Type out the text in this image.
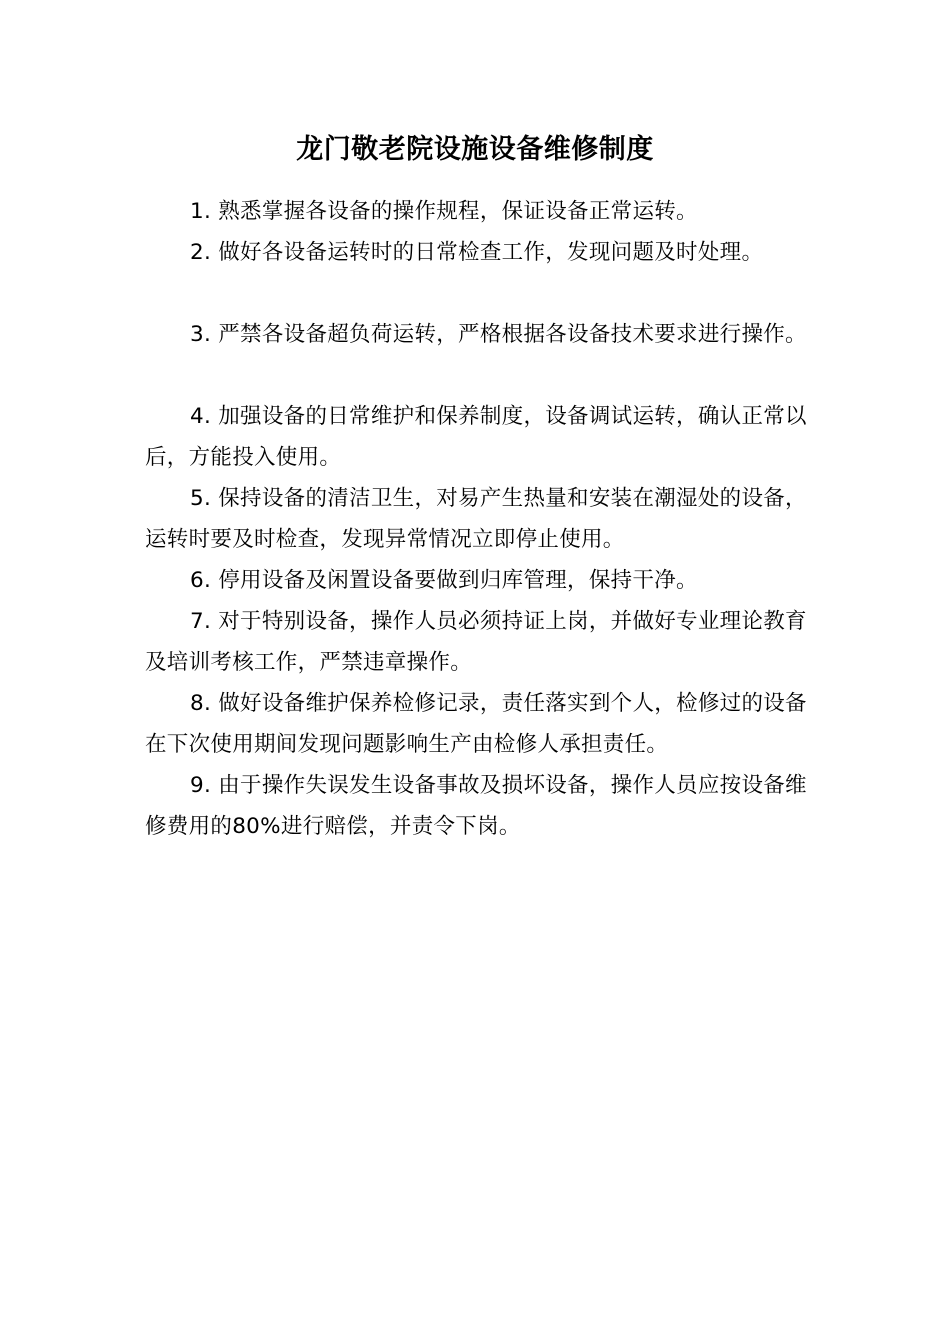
龙门敬老院设施设备维修制度
1. 熟悉掌握各设备的操作规程，保证设备正常运转。
2. 做好各设备运转时的日常检查工作，发现问题及时处理。
3. 严禁各设备超负荷运转，严格根据各设备技术要求进行操作。
4. 加强设备的日常维护和保养制度，设备调试运转，确认正常以后，方能投入使用。
5. 保持设备的清洁卫生，对易产生热量和安装在潮湿处的设备，运转时要及时检查，发现异常情况立即停止使用。
6. 停用设备及闲置设备要做到归库管理，保持干净。
7. 对于特别设备，操作人员必须持证上岗，并做好专业理论教育及培训考核工作，严禁违章操作。
8. 做好设备维护保养检修记录，责任落实到个人，检修过的设备在下次使用期间发现问题影响生产由检修人承担责任。
9. 由于操作失误发生设备事故及损坏设备，操作人员应按设备维修费用的80%进行赔偿，并责令下岗。
